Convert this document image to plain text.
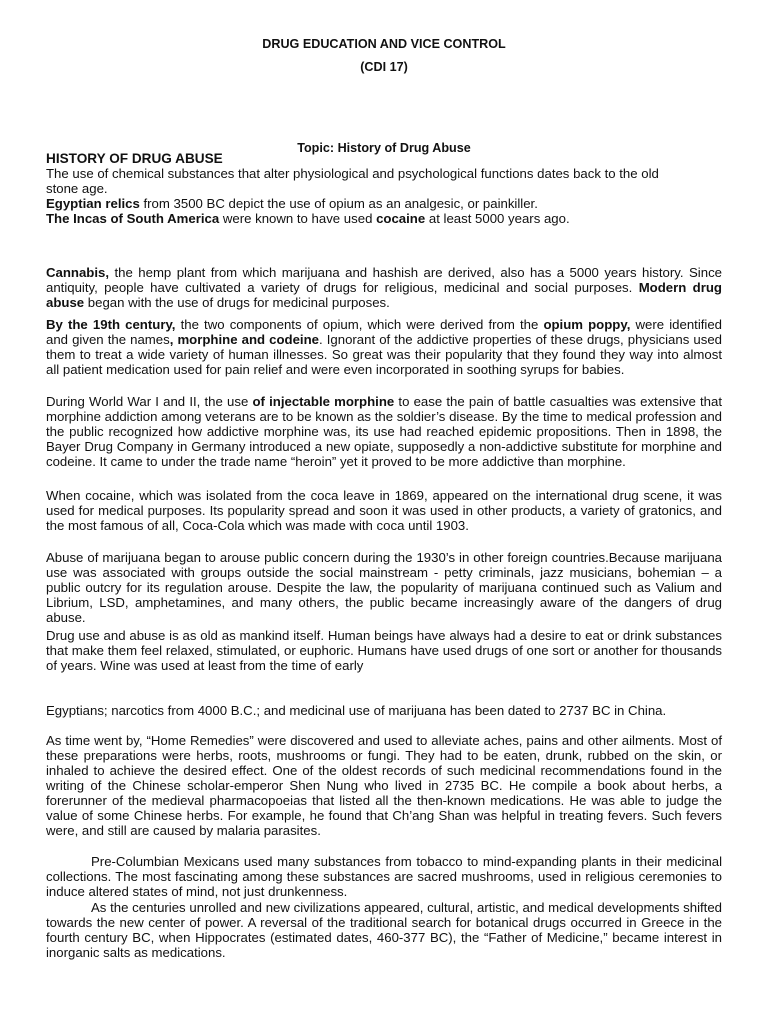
DRUG EDUCATION AND VICE CONTROL

(CDI 17)

Topic: History of Drug Abuse

HISTORY OF DRUG ABUSE
The use of chemical substances that alter physiological and psychological functions dates back to the old
stone age.
Egyptian relics from 3500 BC depict the use of opium as an analgesic, or painkiller.
The Incas of South America were known to have used cocaine at least 5000 years ago.

Cannabis, the hemp plant from which marijuana and hashish are derived, also has a 5000 years history. Since antiquity, people have cultivated a variety of drugs for religious, medicinal and social purposes. Modern drug abuse began with the use of drugs for medicinal purposes.

By the 19th century, the two components of opium, which were derived from the opium poppy, were identified and given the names, morphine and codeine. Ignorant of the addictive properties of these drugs, physicians used them to treat a wide variety of human illnesses. So great was their popularity that they found they way into almost all patient medication used for pain relief and were even incorporated in soothing syrups for babies.

During World War I and II, the use of injectable morphine to ease the pain of battle casualties was extensive that morphine addiction among veterans are to be known as the soldier’s disease. By the time to medical profession and the public recognized how addictive morphine was, its use had reached epidemic propositions. Then in 1898, the Bayer Drug Company in Germany introduced a new opiate, supposedly a non-addictive substitute for morphine and codeine. It came to under the trade name “heroin” yet it proved to be more addictive than morphine.

When cocaine, which was isolated from the coca leave in 1869, appeared on the international drug scene, it was used for medical purposes. Its popularity spread and soon it was used in other products, a variety of gratonics, and the most famous of all, Coca-Cola which was made with coca until 1903.

Abuse of marijuana began to arouse public concern during the 1930’s in other foreign countries.Because marijuana use was associated with groups outside the social mainstream - petty criminals, jazz musicians, bohemian – a public outcry for its regulation arouse. Despite the law, the popularity of marijuana continued such as Valium and Librium, LSD, amphetamines, and many others, the public became increasingly aware of the dangers of drug abuse.

Drug use and abuse is as old as mankind itself. Human beings have always had a desire to eat or drink substances that make them feel relaxed, stimulated, or euphoric. Humans have used drugs of one sort or another for thousands of years. Wine was used at least from the time of early

Egyptians; narcotics from 4000 B.C.; and medicinal use of marijuana has been dated to 2737 BC in China.

As time went by, “Home Remedies” were discovered and used to alleviate aches, pains and other ailments. Most of these preparations were herbs, roots, mushrooms or fungi. They had to be eaten, drunk, rubbed on the skin, or inhaled to achieve the desired effect. One of the oldest records of such medicinal recommendations found in the writing of the Chinese scholar-emperor Shen Nung who lived in 2735 BC. He compile a book about herbs, a forerunner of the medieval pharmacopoeias that listed all the then-known medications. He was able to judge the value of some Chinese herbs. For example, he found that Ch’ang Shan was helpful in treating fevers. Such fevers were, and still are caused by malaria parasites.

Pre-Columbian Mexicans used many substances from tobacco to mind-expanding plants in their medicinal collections. The most fascinating among these substances are sacred mushrooms, used in religious ceremonies to induce altered states of mind, not just drunkenness.

As the centuries unrolled and new civilizations appeared, cultural, artistic, and medical developments shifted towards the new center of power. A reversal of the traditional search for botanical drugs occurred in Greece in the fourth century BC, when Hippocrates (estimated dates, 460-377 BC), the “Father of Medicine,” became interest in inorganic salts as medications.
